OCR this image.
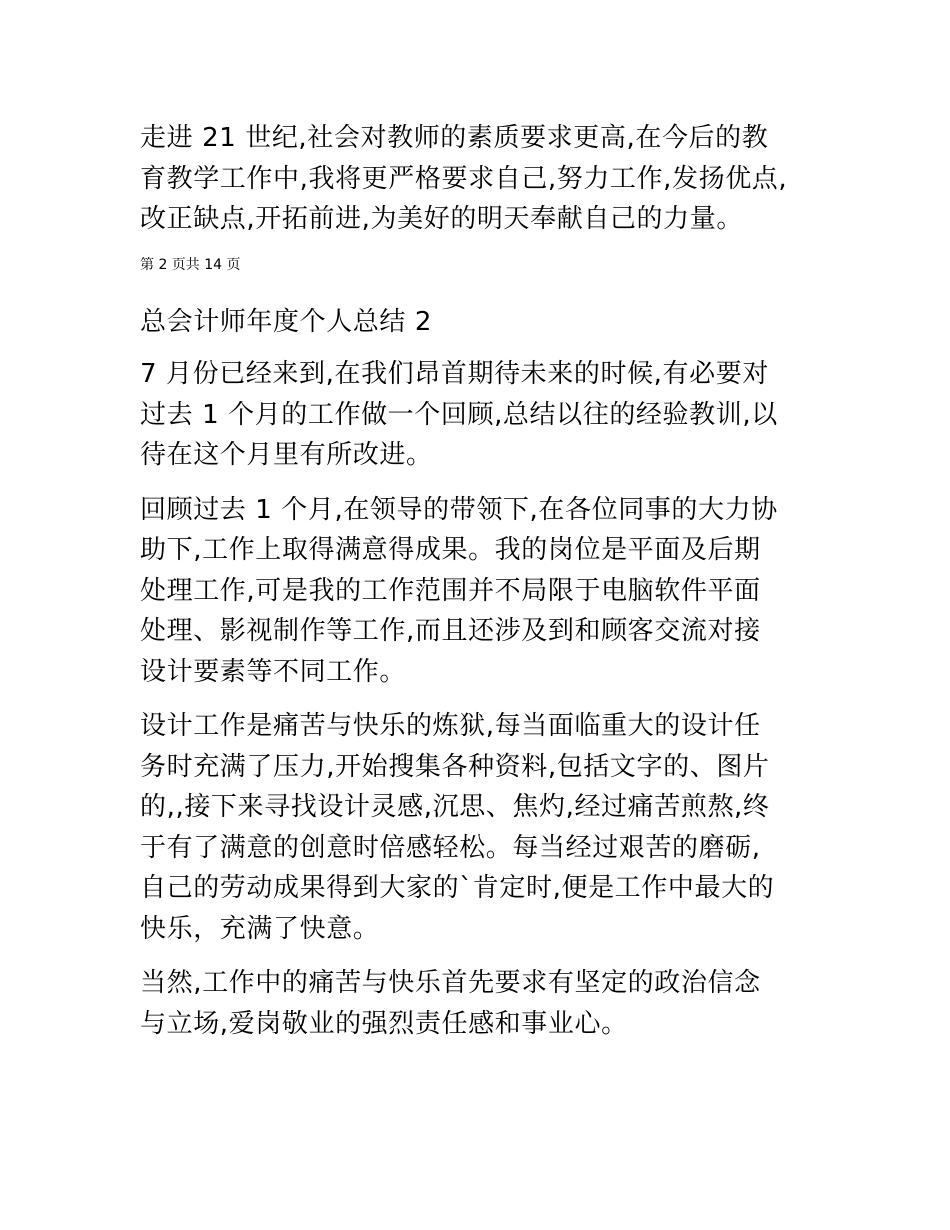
走进 21 世纪,社会对教师的素质要求更高,在今后的教
育教学工作中,我将更严格要求自己,努力工作,发扬优点,
改正缺点,开拓前进,为美好的明天奉献自己的力量。

第 2 页共 14 页

总会计师年度个人总结 2

7 月份已经来到,在我们昂首期待未来的时候,有必要对
过去 1 个月的工作做一个回顾,总结以往的经验教训,以
待在这个月里有所改进。

回顾过去 1 个月,在领导的带领下,在各位同事的大力协
助下,工作上取得满意得成果。我的岗位是平面及后期
处理工作,可是我的工作范围并不局限于电脑软件平面
处理、影视制作等工作,而且还涉及到和顾客交流对接
设计要素等不同工作。

设计工作是痛苦与快乐的炼狱,每当面临重大的设计任
务时充满了压力,开始搜集各种资料,包括文字的、图片
的,,接下来寻找设计灵感,沉思、焦灼,经过痛苦煎熬,终
于有了满意的创意时倍感轻松。每当经过艰苦的磨砺,
自己的劳动成果得到大家的`肯定时,便是工作中最大的
快乐，充满了快意。

当然,工作中的痛苦与快乐首先要求有坚定的政治信念
与立场,爱岗敬业的强烈责任感和事业心。
